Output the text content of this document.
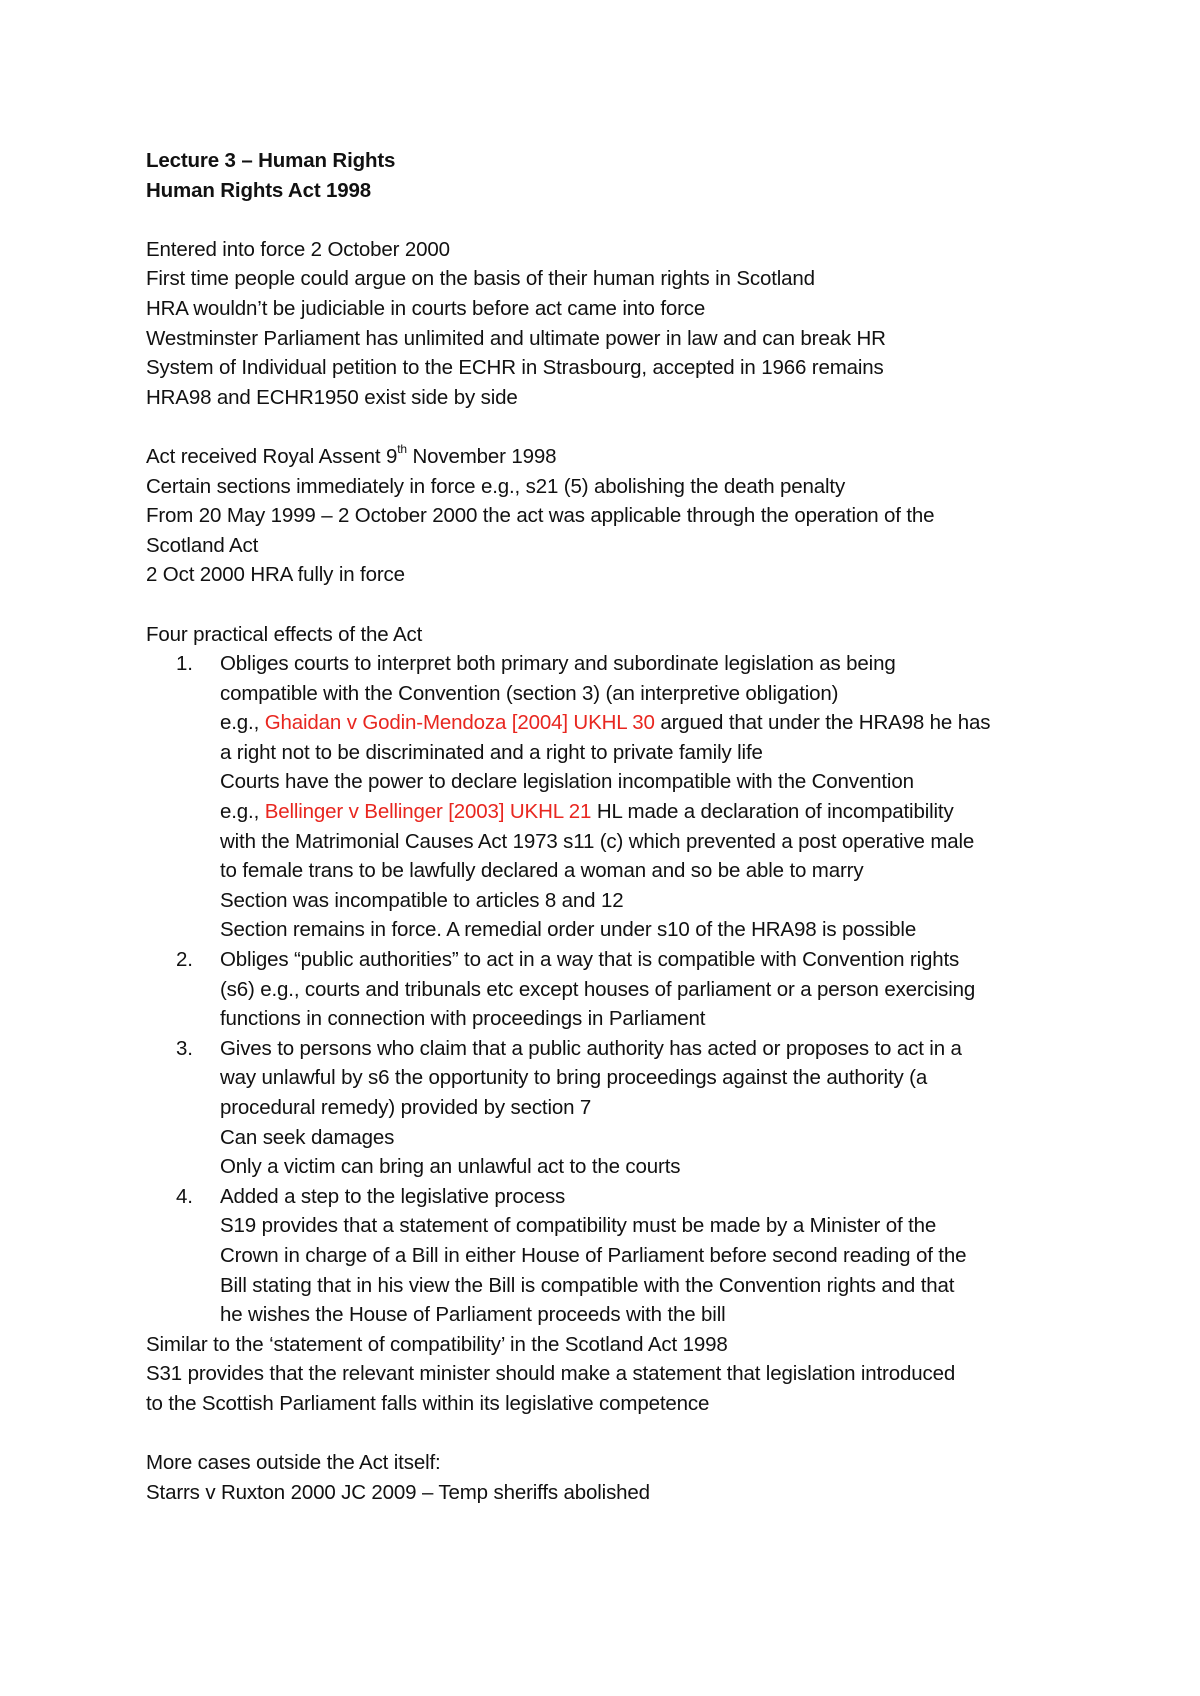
Lecture 3 – Human Rights

Human Rights Act 1998

Entered into force 2 October 2000

First time people could argue on the basis of their human rights in Scotland

HRA wouldn’t be judiciable in courts before act came into force

Westminster Parliament has unlimited and ultimate power in law and can break HR

System of Individual petition to the ECHR in Strasbourg, accepted in 1966 remains

HRA98 and ECHR1950 exist side by side

Act received Royal Assent 9th November 1998

Certain sections immediately in force e.g., s21 (5) abolishing the death penalty

From 20 May 1999 – 2 October 2000 the act was applicable through the operation of the

Scotland Act

2 Oct 2000 HRA fully in force

Four practical effects of the Act

1. Obliges courts to interpret both primary and subordinate legislation as being

compatible with the Convention (section 3) (an interpretive obligation)

e.g., Ghaidan v Godin-Mendoza [2004] UKHL 30 argued that under the HRA98 he has

a right not to be discriminated and a right to private family life

Courts have the power to declare legislation incompatible with the Convention

e.g., Bellinger v Bellinger [2003] UKHL 21 HL made a declaration of incompatibility

with the Matrimonial Causes Act 1973 s11 (c) which prevented a post operative male

to female trans to be lawfully declared a woman and so be able to marry

Section was incompatible to articles 8 and 12

Section remains in force. A remedial order under s10 of the HRA98 is possible

2. Obliges “public authorities” to act in a way that is compatible with Convention rights

(s6) e.g., courts and tribunals etc except houses of parliament or a person exercising

functions in connection with proceedings in Parliament

3. Gives to persons who claim that a public authority has acted or proposes to act in a

way unlawful by s6 the opportunity to bring proceedings against the authority (a

procedural remedy) provided by section 7

Can seek damages

Only a victim can bring an unlawful act to the courts

4. Added a step to the legislative process

S19 provides that a statement of compatibility must be made by a Minister of the

Crown in charge of a Bill in either House of Parliament before second reading of the

Bill stating that in his view the Bill is compatible with the Convention rights and that

he wishes the House of Parliament proceeds with the bill

Similar to the ‘statement of compatibility’ in the Scotland Act 1998

S31 provides that the relevant minister should make a statement that legislation introduced

to the Scottish Parliament falls within its legislative competence

More cases outside the Act itself:

Starrs v Ruxton 2000 JC 2009 – Temp sheriffs abolished
